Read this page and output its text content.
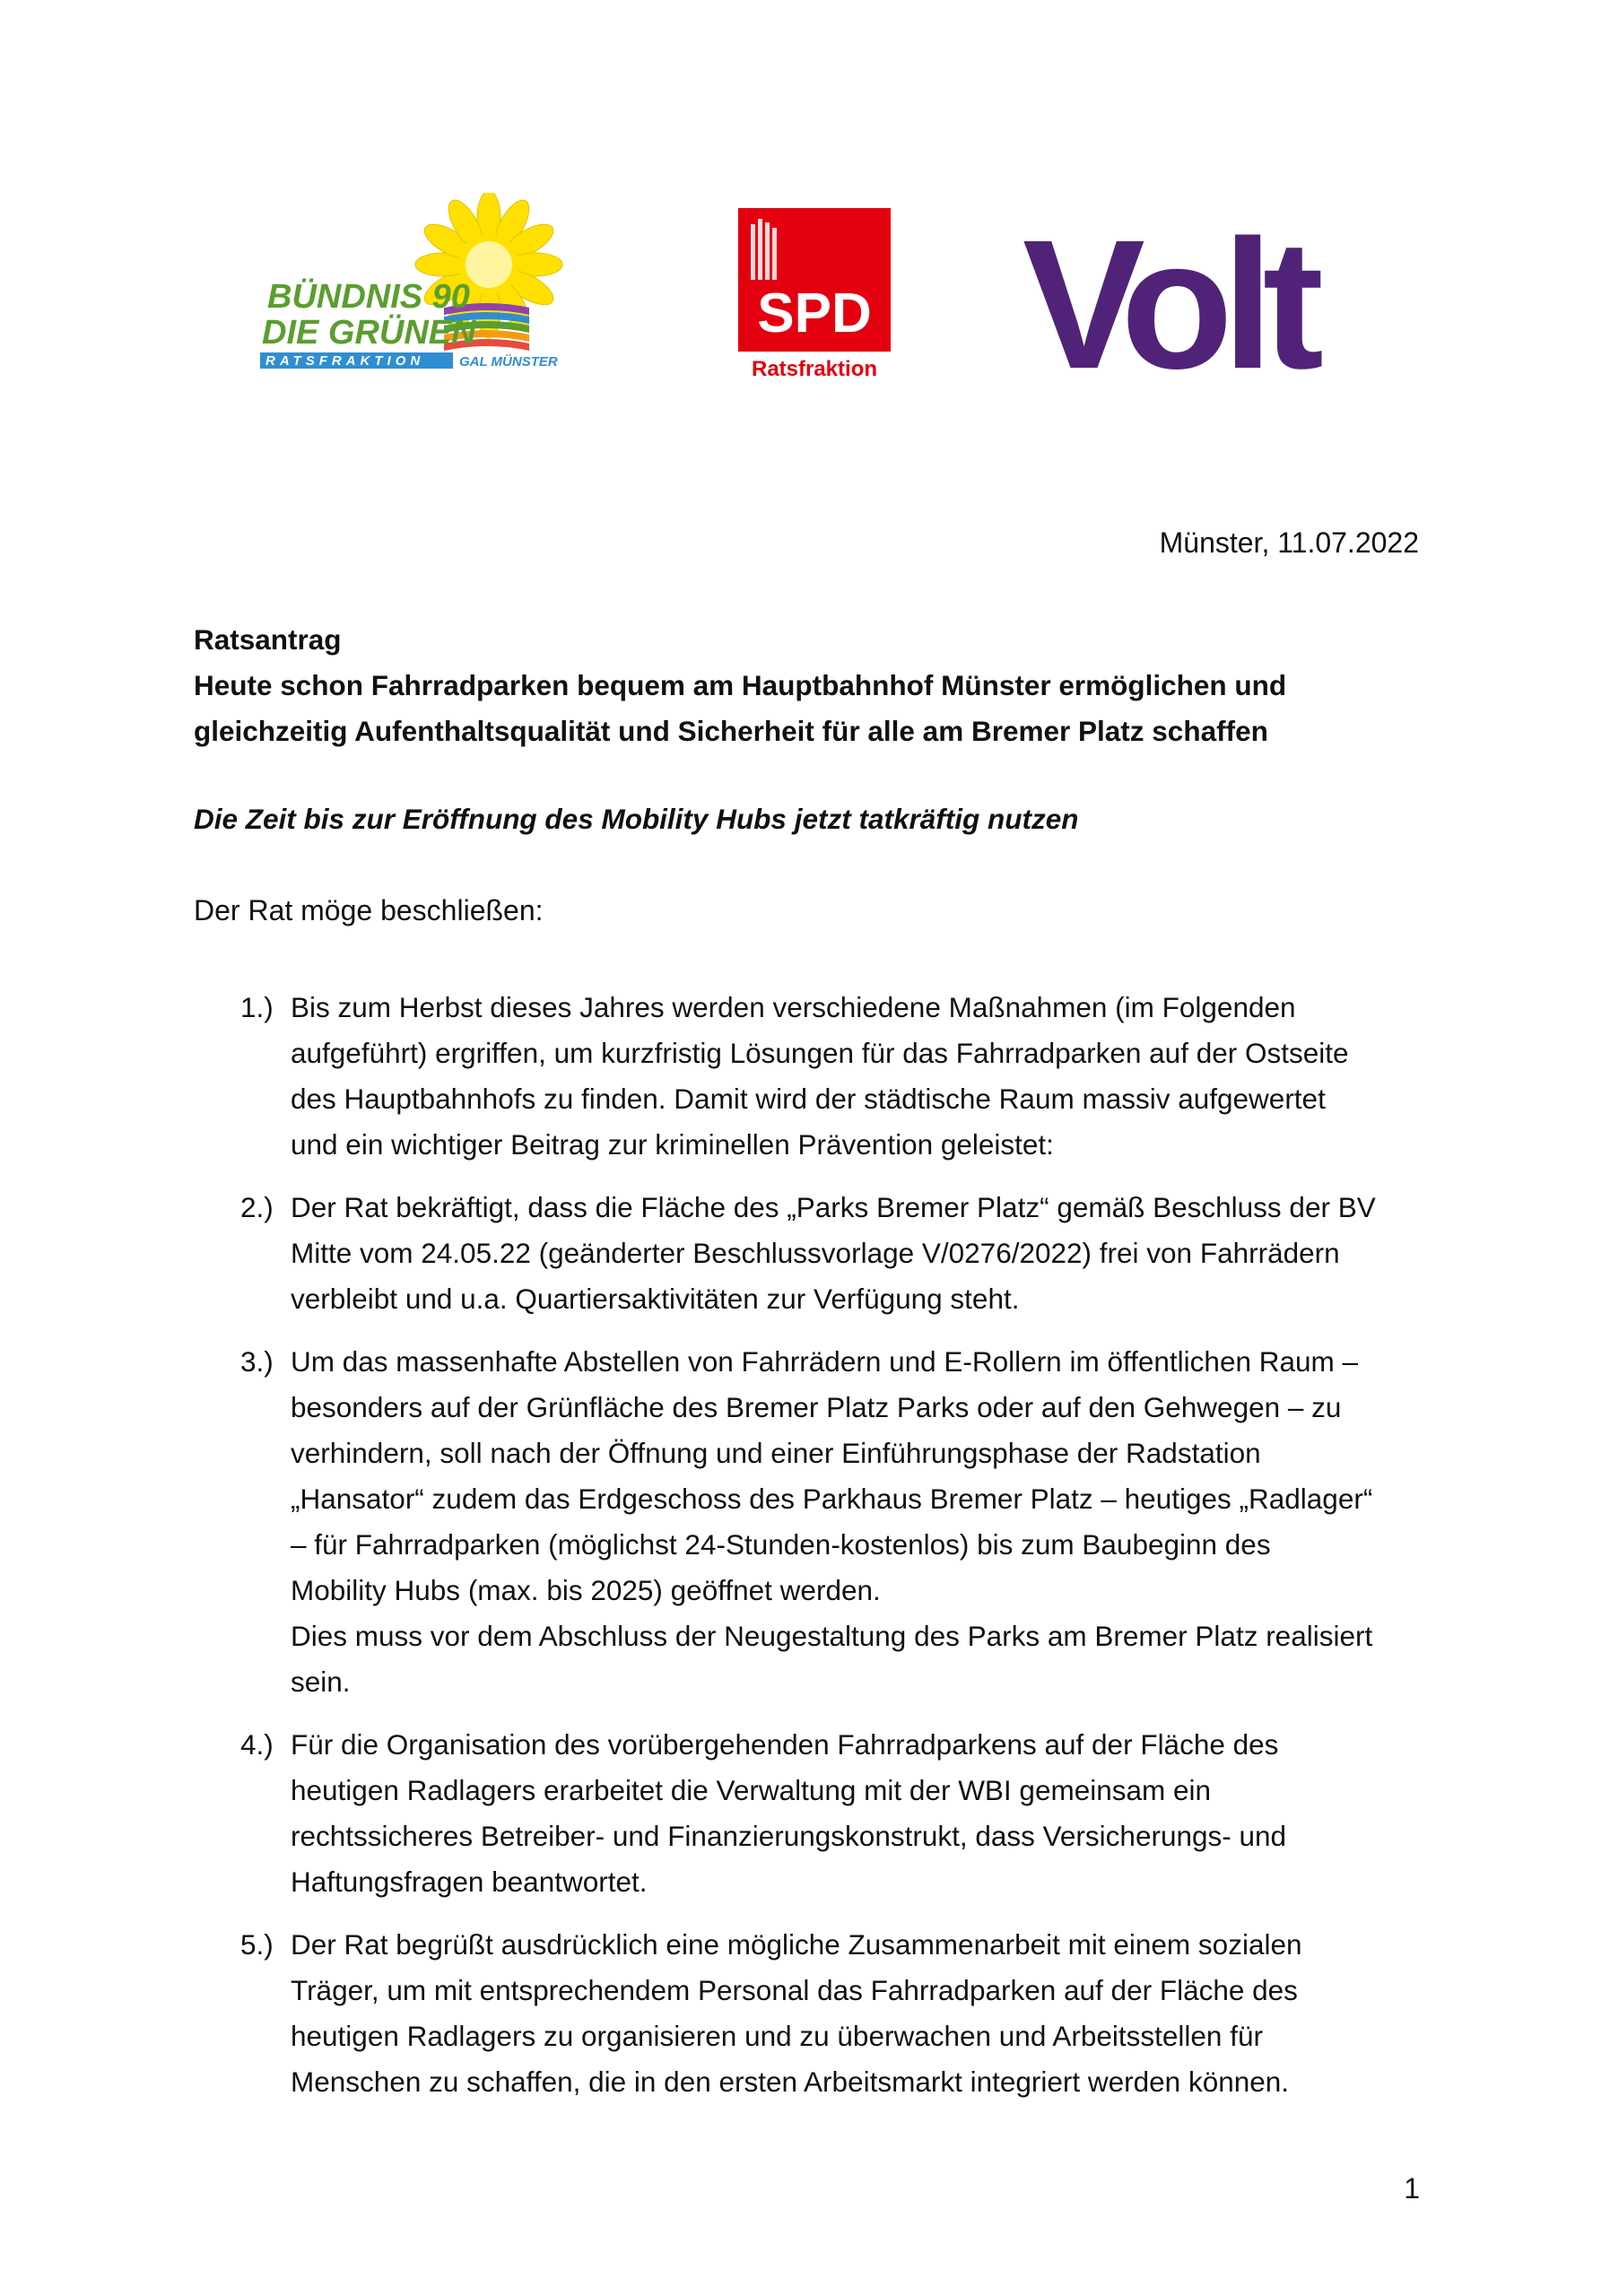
BÜNDNIS 90
DIE GRÜNEN
RATSFRAKTION	GAL MÜNSTER
SPD
Ratsfraktion Volt
Münster, 11.07.2022
Ratsantrag
Heute schon Fahrradparken bequem am Hauptbahnhof Münster ermöglichen und
gleichzeitig Aufenthaltsqualität und Sicherheit für alle am Bremer Platz schaffen
Die Zeit bis zur Eröffnung des Mobility Hubs jetzt tatkräftig nutzen
Der Rat möge beschließen:
1.) Bis zum Herbst dieses Jahres werden verschiedene Maßnahmen (im Folgenden
aufgeführt) ergriffen, um kurzfristig Lösungen für das Fahrradparken auf der Ostseite
des Hauptbahnhofs zu finden. Damit wird der städtische Raum massiv aufgewertet
und ein wichtiger Beitrag zur kriminellen Prävention geleistet:
2.) Der Rat bekräftigt, dass die Fläche des „Parks Bremer Platz“ gemäß Beschluss der BV
Mitte vom 24.05.22 (geänderter Beschlussvorlage V/0276/2022) frei von Fahrrädern
verbleibt und u.a. Quartiersaktivitäten zur Verfügung steht.
3.) Um das massenhafte Abstellen von Fahrrädern und E-Rollern im öffentlichen Raum –
besonders auf der Grünfläche des Bremer Platz Parks oder auf den Gehwegen – zu
verhindern, soll nach der Öffnung und einer Einführungsphase der Radstation
„Hansator“ zudem das Erdgeschoss des Parkhaus Bremer Platz – heutiges „Radlager“
– für Fahrradparken (möglichst 24-Stunden-kostenlos) bis zum Baubeginn des
Mobility Hubs (max. bis 2025) geöffnet werden.
Dies muss vor dem Abschluss der Neugestaltung des Parks am Bremer Platz realisiert
sein.
4.) Für die Organisation des vorübergehenden Fahrradparkens auf der Fläche des
heutigen Radlagers erarbeitet die Verwaltung mit der WBI gemeinsam ein
rechtssicheres Betreiber- und Finanzierungskonstrukt, dass Versicherungs- und
Haftungsfragen beantwortet.
5.) Der Rat begrüßt ausdrücklich eine mögliche Zusammenarbeit mit einem sozialen
Träger, um mit entsprechendem Personal das Fahrradparken auf der Fläche des
heutigen Radlagers zu organisieren und zu überwachen und Arbeitsstellen für
Menschen zu schaffen, die in den ersten Arbeitsmarkt integriert werden können.
1
